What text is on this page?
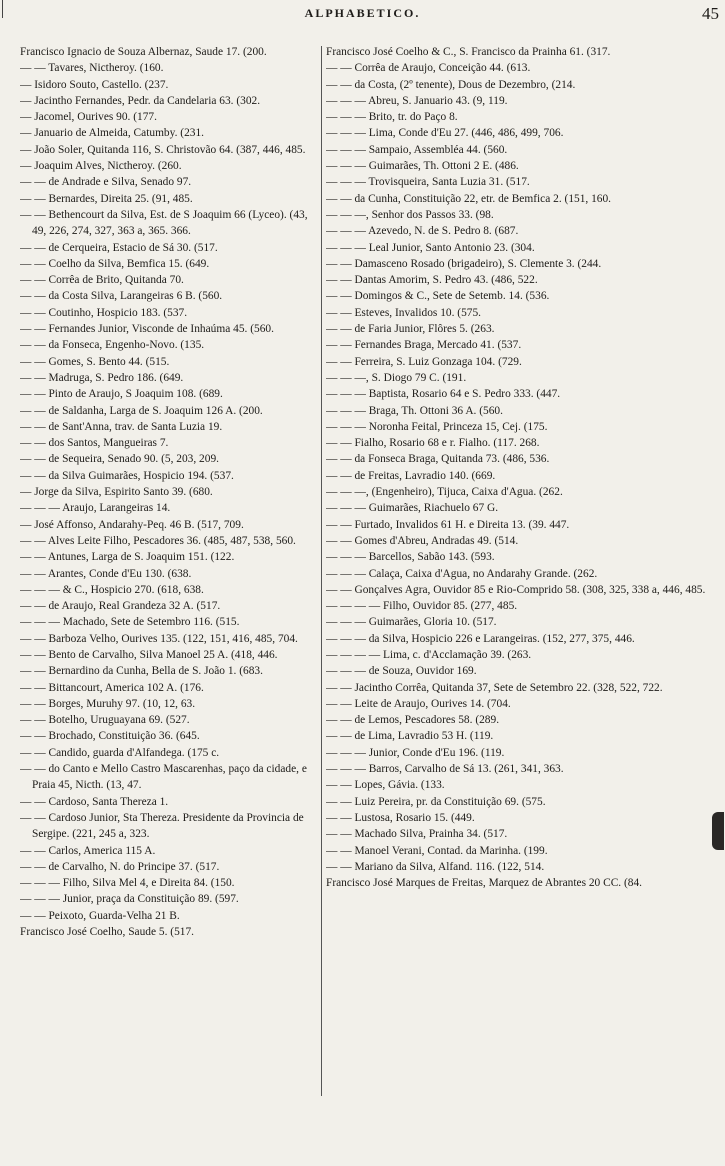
ALPHABETICO.	45
Francisco Ignacio de Souza Albernaz, Saude 17. (200.
— — Tavares, Nictheroy. (160.
— Isidoro Souto, Castello. (237.
— Jacintho Fernandes, Pedr. da Candelaria 63. (302.
— Jacomel, Ourives 90. (177.
— Januario de Almeida, Catumby. (231.
— João Soler, Quitanda 116, S. Christovão 64. (387, 446, 485.
— Joaquim Alves, Nictheroy. (260.
— — de Andrade e Silva, Senado 97.
— — Bernardes, Direita 25. (91, 485.
— — Bethencourt da Silva, Est. de S Joaquim 66 (Lyceo). (43, 49, 226, 274, 327, 363 a, 365. 366.
— — de Cerqueira, Estacio de Sá 30. (517.
— — Coelho da Silva, Bemfica 15. (649.
— — Corrêa de Brito, Quitanda 70.
— — da Costa Silva, Larangeiras 6 B. (560.
— — Coutinho, Hospicio 183. (537.
— — Fernandes Junior, Visconde de Inhaúma 45. (560.
— — da Fonseca, Engenho-Novo. (135.
— — Gomes, S. Bento 44. (515.
— — Madruga, S. Pedro 186. (649.
— — Pinto de Araujo, S Joaquim 108. (689.
— — de Saldanha, Larga de S. Joaquim 126 A. (200.
— — de Sant'Anna, trav. de Santa Luzia 19.
— — dos Santos, Mangueiras 7.
— — de Sequeira, Senado 90. (5, 203, 209.
— — da Silva Guimarães, Hospicio 194. (537.
— Jorge da Silva, Espirito Santo 39. (680.
— — — Araujo, Larangeiras 14.
— José Affonso, Andarahy-Peq. 46 B. (517, 709.
— — Alves Leite Filho, Pescadores 36. (485, 487, 538, 560.
— — Antunes, Larga de S. Joaquim 151. (122.
— — Arantes, Conde d'Eu 130. (638.
— — — & C., Hospicio 270. (618, 638.
— — de Araujo, Real Grandeza 32 A. (517.
— — — Machado, Sete de Setembro 116. (515.
— — Barboza Velho, Ourives 135. (122, 151, 416, 485, 704.
— — Bento de Carvalho, Silva Manoel 25 A. (418, 446.
— — Bernardino da Cunha, Bella de S. João 1. (683.
— — Bittancourt, America 102 A. (176.
— — Borges, Muruhy 97. (10, 12, 63.
— — Botelho, Uruguayana 69. (527.
— — Brochado, Constituição 36. (645.
— — Candido, guarda d'Alfandega. (175 c.
— — do Canto e Mello Castro Mascarenhas, paço da cidade, e Praia 45, Nicth. (13, 47.
— — Cardoso, Santa Thereza 1.
— — Cardoso Junior, Sta Thereza. Presidente da Provincia de Sergipe. (221, 245 a, 323.
— — Carlos, America 115 A.
— — de Carvalho, N. do Principe 37. (517.
— — — Filho, Silva Mel 4, e Direita 84. (150.
— — — Junior, praça da Constituição 89. (597.
— — Peixoto, Guarda-Velha 21 B.
Francisco José Coelho, Saude 5. (517.
Francisco José Coelho & C., S. Francisco da Prainha 61. (317.
— — Corrêa de Araujo, Conceição 44. (613.
— — da Costa, (2º tenente), Dous de Dezembro, (214.
— — — Abreu, S. Januario 43. (9, 119.
— — — Brito, tr. do Paço 8.
— — — Lima, Conde d'Eu 27. (446, 486, 499, 706.
— — — Sampaio, Assembléa 44. (560.
— — — Guimarães, Th. Ottoni 2 E. (486.
— — — Trovisqueira, Santa Luzia 31. (517.
— — da Cunha, Constituição 22, etr. de Bemfica 2. (151, 160.
— — —, Senhor dos Passos 33. (98.
— — — Azevedo, N. de S. Pedro 8. (687.
— — — Leal Junior, Santo Antonio 23. (304.
— — Damasceno Rosado (brigadeiro), S. Clemente 3. (244.
— — Dantas Amorim, S. Pedro 43. (486, 522.
— — Domingos & C., Sete de Setemb. 14. (536.
— — Esteves, Invalidos 10. (575.
— — de Faria Junior, Flôres 5. (263.
— — Fernandes Braga, Mercado 41. (537.
— — Ferreira, S. Luiz Gonzaga 104. (729.
— — —, S. Diogo 79 C. (191.
— — — Baptista, Rosario 64 e S. Pedro 333. (447.
— — — Braga, Th. Ottoni 36 A. (560.
— — — Noronha Feital, Princeza 15, Cej. (175.
— — Fialho, Rosario 68 e r. Fialho. (117. 268.
— — da Fonseca Braga, Quitanda 73. (486, 536.
— — de Freitas, Lavradio 140. (669.
— — —, (Engenheiro), Tijuca, Caixa d'Agua. (262.
— — — Guimarães, Riachuelo 67 G.
— — Furtado, Invalidos 61 H. e Direita 13. (39. 447.
— — Gomes d'Abreu, Andradas 49. (514.
— — — Barcellos, Sabão 143. (593.
— — — Calaça, Caixa d'Agua, no Andarahy Grande. (262.
— — Gonçalves Agra, Ouvidor 85 e Rio-Comprido 58. (308, 325, 338 a, 446, 485.
— — — — Filho, Ouvidor 85. (277, 485.
— — — Guimarães, Gloria 10. (517.
— — — da Silva, Hospicio 226 e Larangeiras. (152, 277, 375, 446.
— — — — Lima, c. d'Acclamação 39. (263.
— — — de Souza, Ouvidor 169.
— — Jacintho Corrêa, Quitanda 37, Sete de Setembro 22. (328, 522, 722.
— — Leite de Araujo, Ourives 14. (704.
— — de Lemos, Pescadores 58. (289.
— — de Lima, Lavradio 53 H. (119.
— — — Junior, Conde d'Eu 196. (119.
— — — Barros, Carvalho de Sá 13. (261, 341, 363.
— — Lopes, Gávia. (133.
— — Luiz Pereira, pr. da Constituição 69. (575.
— — Lustosa, Rosario 15. (449.
— — Machado Silva, Prainha 34. (517.
— — Manoel Verani, Contad. da Marinha. (199.
— — Mariano da Silva, Alfand. 116. (122, 514.
Francisco José Marques de Freitas, Marquez de Abrantes 20 CC. (84.
